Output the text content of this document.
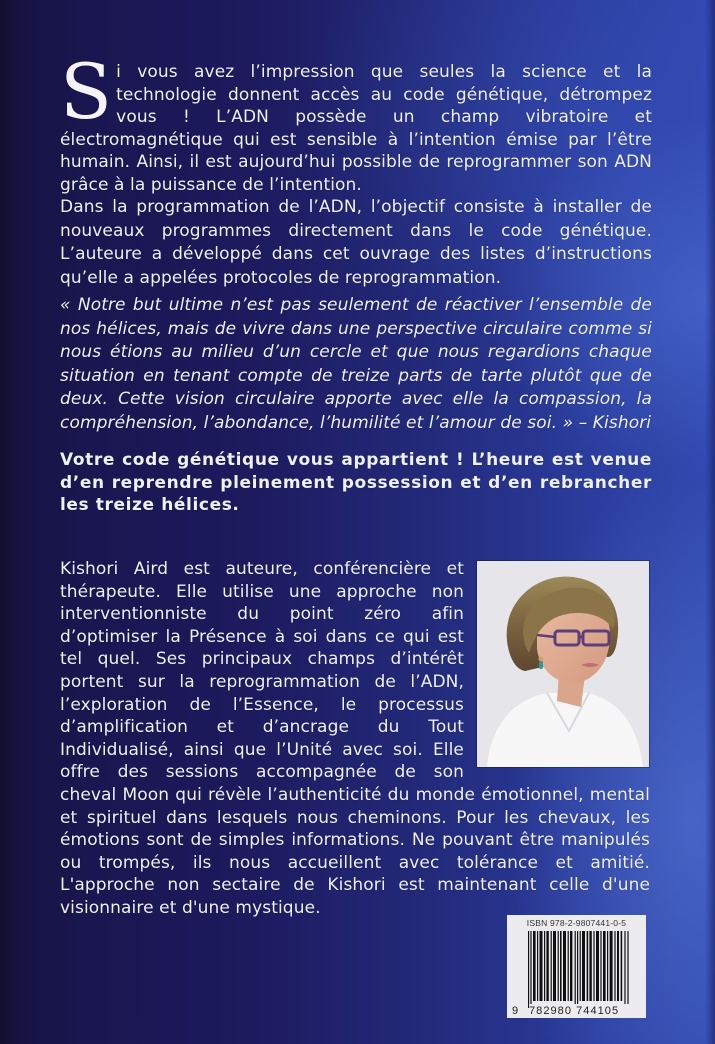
Si vous avez l’impression que seules la science et la technologie donnent accès au code génétique, détrompez vous ! L’ADN possède un champ vibratoire et électromagnétique qui est sensible à l’intention émise par l’être humain. Ainsi, il est aujourd’hui possible de reprogrammer son ADN grâce à la puissance de l’intention.

Dans la programmation de l’ADN, l’objectif consiste à installer de nouveaux programmes directement dans le code génétique. L’auteure a développé dans cet ouvrage des listes d’instructions qu’elle a appelées protocoles de reprogrammation.

« Notre but ultime n’est pas seulement de réactiver l’ensemble de nos hélices, mais de vivre dans une perspective circulaire comme si nous étions au milieu d’un cercle et que nous regardions chaque situation en tenant compte de treize parts de tarte plutôt que de deux. Cette vision circulaire apporte avec elle la compassion, la compréhension, l’abondance, l’humilité et l’amour de soi. » – Kishori

Votre code génétique vous appartient ! L’heure est venue d’en reprendre pleinement possession et d’en rebrancher les treize hélices.

Kishori Aird est auteure, conférencière et thérapeute. Elle utilise une approche non interventionniste du point zéro afin d’optimiser la Présence à soi dans ce qui est tel quel. Ses principaux champs d’intérêt portent sur la reprogrammation de l’ADN, l’exploration de l’Essence, le processus d’amplification et d’ancrage du Tout Individualisé, ainsi que l’Unité avec soi. Elle offre des sessions accompagnée de son cheval Moon qui révèle l’authenticité du monde émotionnel, mental et spirituel dans lesquels nous cheminons. Pour les chevaux, les émotions sont de simples informations. Ne pouvant être manipulés ou trompés, ils nous accueillent avec tolérance et amitié. L'approche non sectaire de Kishori est maintenant celle d'une visionnaire et d'une mystique.

ISBN 978-2-9807441-0-5
9 782980 744105
